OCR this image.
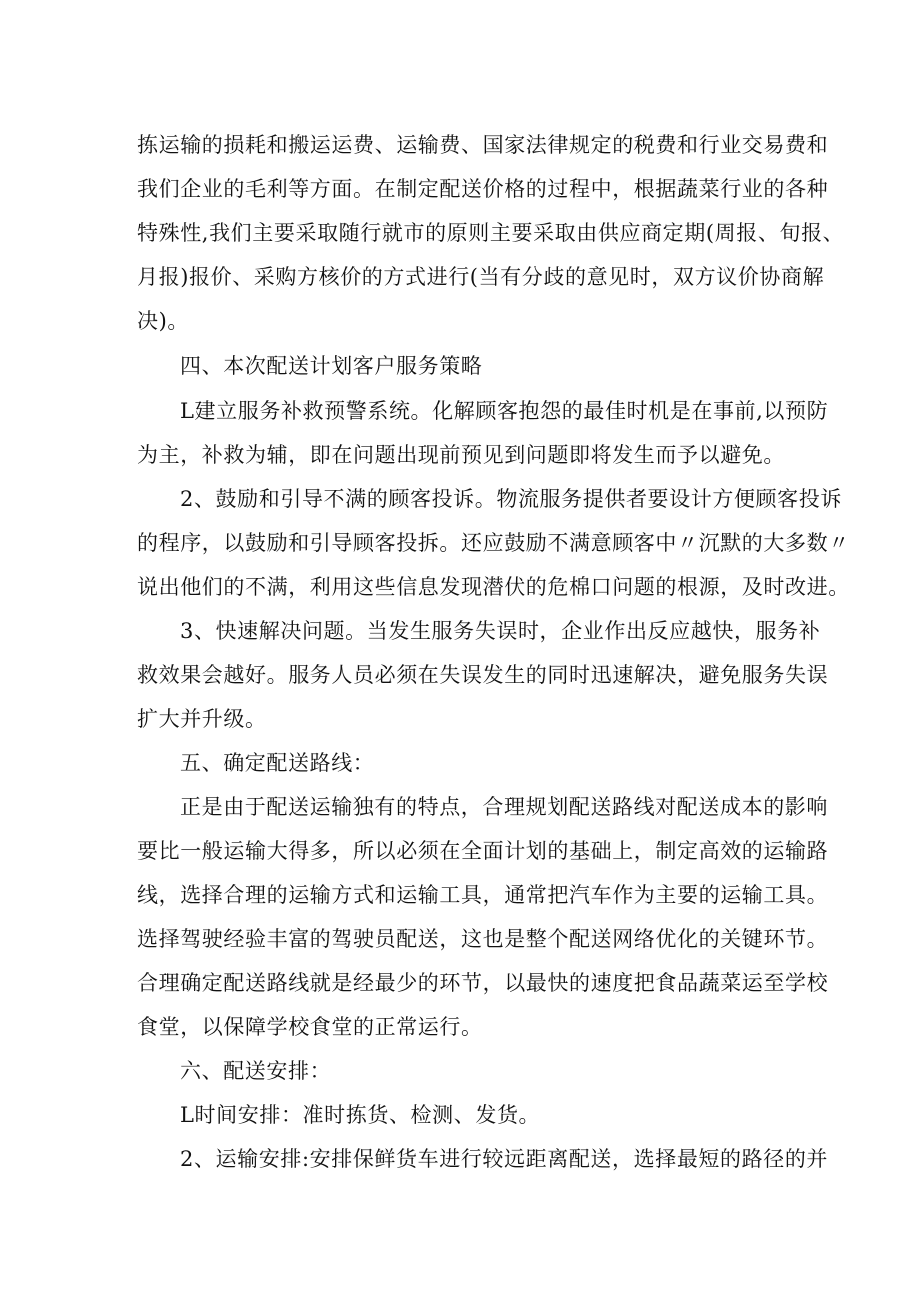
拣运输的损耗和搬运运费、运输费、国家法律规定的税费和行业交易费和
我们企业的毛利等方面。在制定配送价格的过程中，根据蔬菜行业的各种
特殊性,我们主要采取随行就市的原则主要采取由供应商定期(周报、旬报、
月报)报价、采购方核价的方式进行(当有分歧的意见时，双方议价协商解
决)。
四、本次配送计划客户服务策略
L建立服务补救预警系统。化解顾客抱怨的最佳时机是在事前,以预防
为主，补救为辅，即在问题出现前预见到问题即将发生而予以避免。
2、鼓励和引导不满的顾客投诉。物流服务提供者要设计方便顾客投诉
的程序，以鼓励和引导顾客投拆。还应鼓励不满意顾客中〃沉默的大多数〃
说出他们的不满，利用这些信息发现潜伏的危棉口问题的根源，及时改进。
3、快速解决问题。当发生服务失误时，企业作出反应越快，服务补
救效果会越好。服务人员必须在失误发生的同时迅速解决，避免服务失误
扩大并升级。
五、确定配送路线：
正是由于配送运输独有的特点，合理规划配送路线对配送成本的影响
要比一般运输大得多，所以必须在全面计划的基础上，制定高效的运输路
线，选择合理的运输方式和运输工具，通常把汽车作为主要的运输工具。
选择驾驶经验丰富的驾驶员配送，这也是整个配送网络优化的关键环节。
合理确定配送路线就是经最少的环节，以最快的速度把食品蔬菜运至学校
食堂，以保障学校食堂的正常运行。
六、配送安排：
L时间安排：准时拣货、检测、发货。
2、运输安排:安排保鲜货车进行较远距离配送，选择最短的路径的并
